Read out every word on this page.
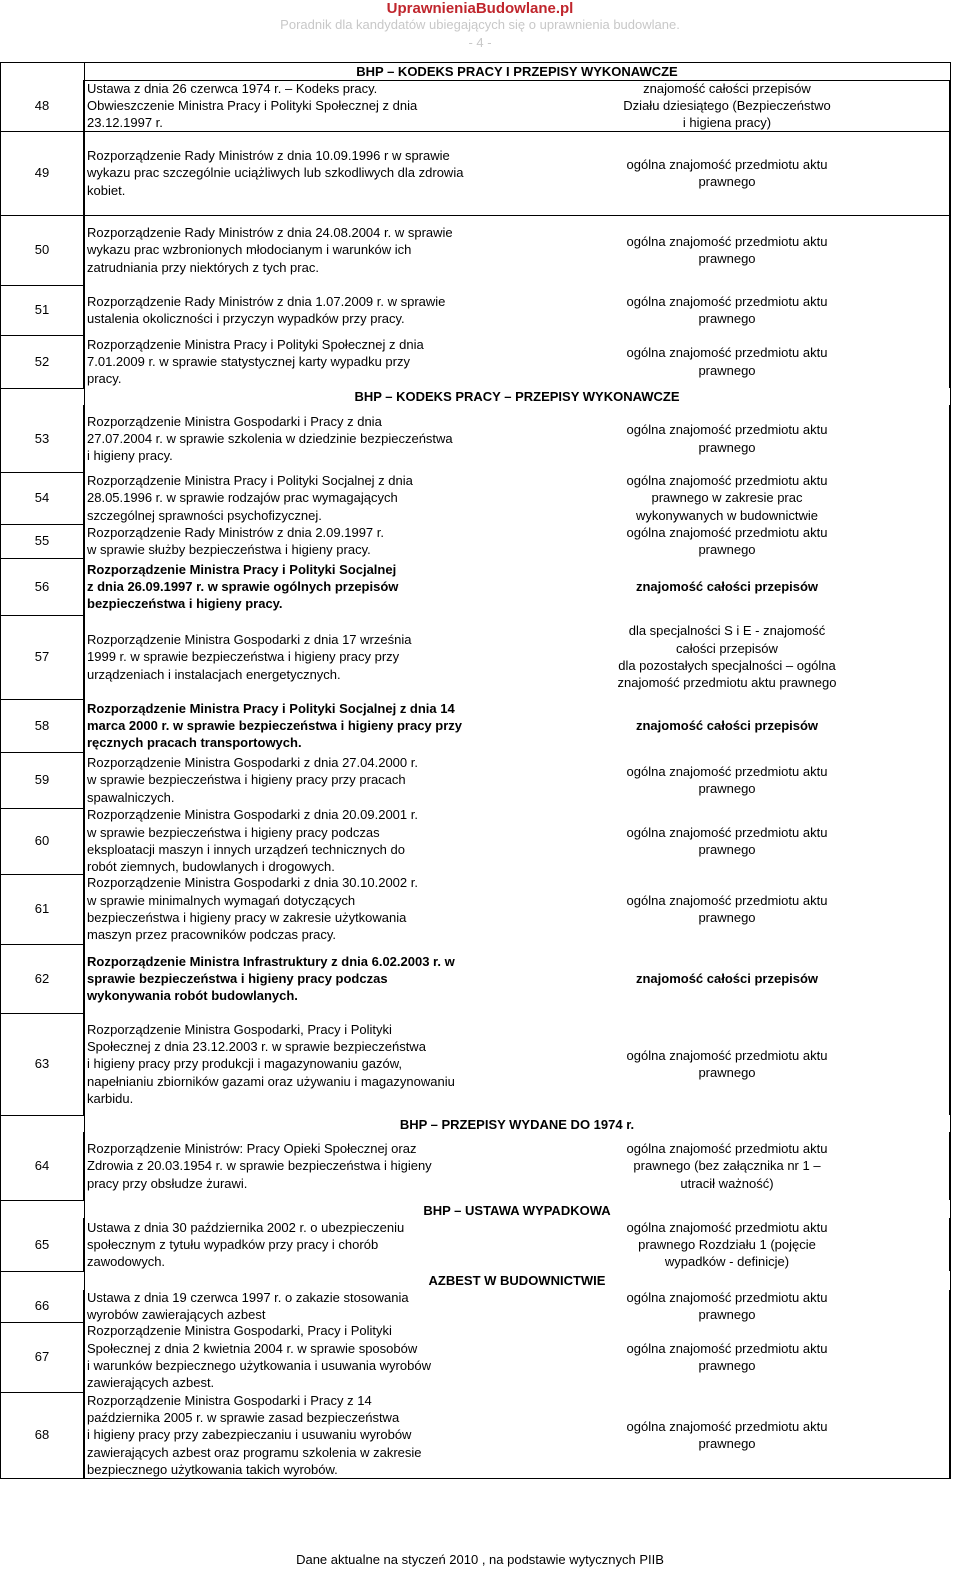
UprawnieniaBudowlane.pl
Poradnik dla kandydatów ubiegających się o uprawnienia budowlane.
- 4 -
BHP – KODEKS PRACY I PRZEPISY WYKONAWCZE
BHP – KODEKS PRACY – PRZEPISY WYKONAWCZE
BHP – PRZEPISY WYDANE DO 1974 r.
BHP – USTAWA WYPADKOWA
AZBEST W BUDOWNICTWIE
48
Ustawa z dnia 26 czerwca 1974 r. – Kodeks pracy.
Obwieszczenie Ministra Pracy i Polityki Społecznej z dnia
23.12.1997 r.
znajomość całości przepisów
Działu dziesiątego (Bezpieczeństwo
i higiena pracy)
49
Rozporządzenie Rady Ministrów z dnia 10.09.1996 r w sprawie
wykazu prac szczególnie uciążliwych lub szkodliwych dla zdrowia
kobiet.
ogólna znajomość przedmiotu aktu
prawnego
50
Rozporządzenie Rady Ministrów z dnia 24.08.2004 r. w sprawie
wykazu prac wzbronionych młodocianym i warunków ich
zatrudniania przy niektórych z tych prac.
ogólna znajomość przedmiotu aktu
prawnego
51
Rozporządzenie Rady Ministrów z dnia 1.07.2009 r. w sprawie
ustalenia okoliczności i przyczyn wypadków przy pracy.
ogólna znajomość przedmiotu aktu
prawnego
52
Rozporządzenie Ministra Pracy i Polityki Społecznej z dnia
7.01.2009 r. w sprawie statystycznej karty wypadku przy
pracy.
ogólna znajomość przedmiotu aktu
prawnego
53
Rozporządzenie Ministra Gospodarki i Pracy z dnia
27.07.2004 r. w sprawie szkolenia w dziedzinie bezpieczeństwa
i higieny pracy.
ogólna znajomość przedmiotu aktu
prawnego
54
Rozporządzenie Ministra Pracy i Polityki Socjalnej z dnia
28.05.1996 r. w sprawie rodzajów prac wymagających
szczególnej sprawności psychofizycznej.
ogólna znajomość przedmiotu aktu
prawnego w zakresie prac
wykonywanych w budownictwie
55
Rozporządzenie Rady Ministrów z dnia 2.09.1997 r.
w sprawie służby bezpieczeństwa i higieny pracy.
ogólna znajomość przedmiotu aktu
prawnego
56
Rozporządzenie Ministra Pracy i Polityki Socjalnej
z dnia 26.09.1997 r. w sprawie ogólnych przepisów
bezpieczeństwa i higieny pracy.
znajomość całości przepisów
57
Rozporządzenie Ministra Gospodarki z dnia 17 września
1999 r. w sprawie bezpieczeństwa i higieny pracy przy
urządzeniach i instalacjach energetycznych.
dla specjalności S i E - znajomość
całości przepisów
dla pozostałych specjalności – ogólna
znajomość przedmiotu aktu prawnego
58
Rozporządzenie Ministra Pracy i Polityki Socjalnej z dnia 14
marca 2000 r. w sprawie bezpieczeństwa i higieny pracy przy
ręcznych pracach transportowych.
znajomość całości przepisów
59
Rozporządzenie Ministra Gospodarki z dnia 27.04.2000 r.
w sprawie bezpieczeństwa i higieny pracy przy pracach
spawalniczych.
ogólna znajomość przedmiotu aktu
prawnego
60
Rozporządzenie Ministra Gospodarki z dnia 20.09.2001 r.
w sprawie bezpieczeństwa i higieny pracy podczas
eksploatacji maszyn i innych urządzeń technicznych do
robót ziemnych, budowlanych i drogowych.
ogólna znajomość przedmiotu aktu
prawnego
61
Rozporządzenie Ministra Gospodarki z dnia 30.10.2002 r.
w sprawie minimalnych wymagań dotyczących
bezpieczeństwa i higieny pracy w zakresie użytkowania
maszyn przez pracowników podczas pracy.
ogólna znajomość przedmiotu aktu
prawnego
62
Rozporządzenie Ministra Infrastruktury z dnia 6.02.2003 r. w
sprawie bezpieczeństwa i higieny pracy podczas
wykonywania robót budowlanych.
znajomość całości przepisów
63
Rozporządzenie Ministra Gospodarki, Pracy i Polityki
Społecznej z dnia 23.12.2003 r. w sprawie bezpieczeństwa
i higieny pracy przy produkcji i magazynowaniu gazów,
napełnianiu zbiorników gazami oraz używaniu i magazynowaniu
karbidu.
ogólna znajomość przedmiotu aktu
prawnego
64
Rozporządzenie Ministrów: Pracy Opieki Społecznej oraz
Zdrowia z 20.03.1954 r. w sprawie bezpieczeństwa i higieny
pracy przy obsłudze żurawi.
ogólna znajomość przedmiotu aktu
prawnego (bez załącznika nr 1 –
utracił ważność)
65
Ustawa z dnia 30 października 2002 r. o ubezpieczeniu
społecznym z tytułu wypadków przy pracy i chorób
zawodowych.
ogólna znajomość przedmiotu aktu
prawnego Rozdziału 1 (pojęcie
wypadków - definicje)
66
Ustawa z dnia 19 czerwca 1997 r. o zakazie stosowania
wyrobów zawierających azbest
ogólna znajomość przedmiotu aktu
prawnego
67
Rozporządzenie Ministra Gospodarki, Pracy i Polityki
Społecznej z dnia 2 kwietnia 2004 r. w sprawie sposobów
i warunków bezpiecznego użytkowania i usuwania wyrobów
zawierających azbest.
ogólna znajomość przedmiotu aktu
prawnego
68
Rozporządzenie Ministra Gospodarki i Pracy z 14
października 2005 r. w sprawie zasad bezpieczeństwa
i higieny pracy przy zabezpieczaniu i usuwaniu wyrobów
zawierających azbest oraz programu szkolenia w zakresie
bezpiecznego użytkowania takich wyrobów.
ogólna znajomość przedmiotu aktu
prawnego
Dane aktualne na styczeń 2010 , na podstawie wytycznych PIIB
